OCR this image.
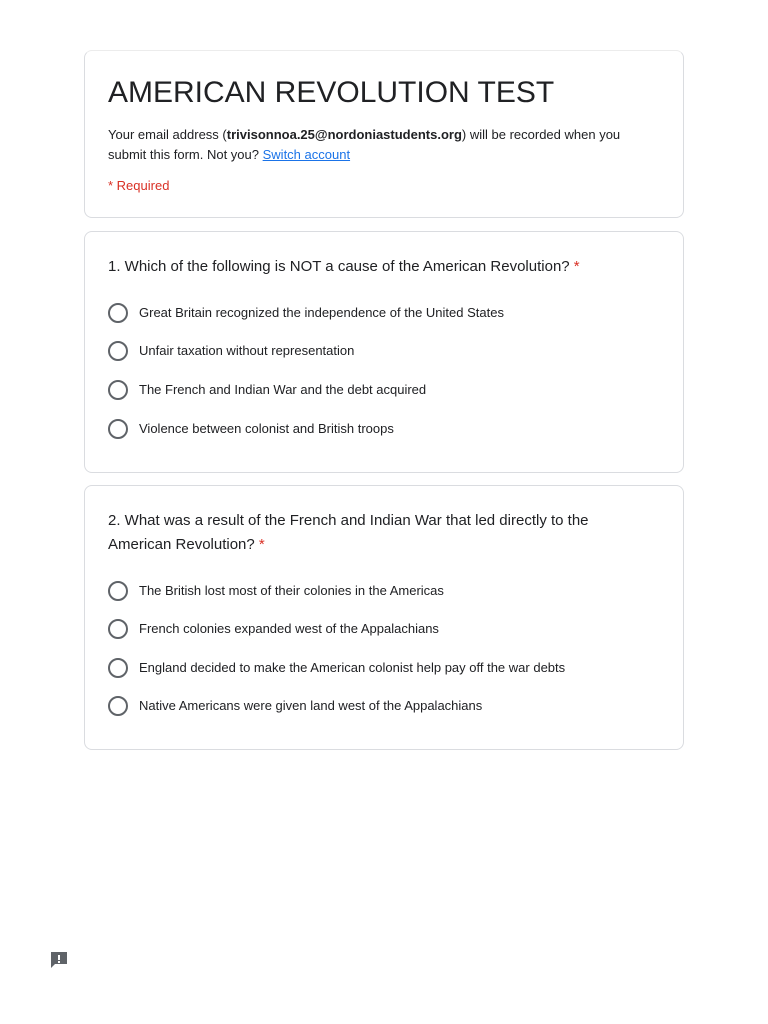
AMERICAN REVOLUTION TEST
Your email address (trivisonnoa.25@nordoniastudents.org) will be recorded when you submit this form. Not you? Switch account
* Required
1. Which of the following is NOT a cause of the American Revolution? *
Great Britain recognized the independence of the United States
Unfair taxation without representation
The French and Indian War and the debt acquired
Violence between colonist and British troops
2. What was a result of the French and Indian War that led directly to the American Revolution? *
The British lost most of their colonies in the Americas
French colonies expanded west of the Appalachians
England decided to make the American colonist help pay off the war debts
Native Americans were given land west of the Appalachians
